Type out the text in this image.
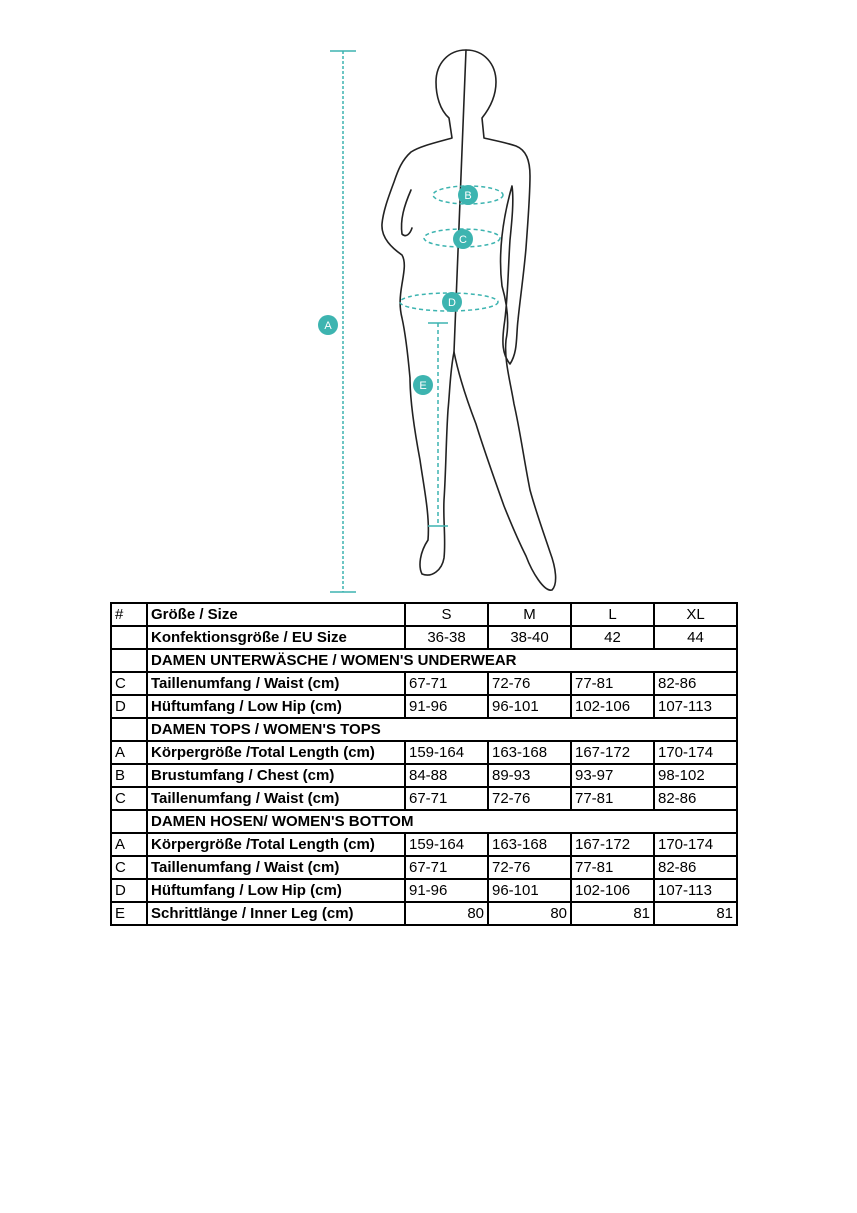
A
B
C
D
E
#	Größe / Size	S	M	L	XL
	Konfektionsgröße / EU Size	36-38	38-40	42	44
	DAMEN UNTERWÄSCHE / WOMEN'S UNDERWEAR				
C	Taillenumfang / Waist (cm)	67-71	72-76	77-81	82-86
D	Hüftumfang / Low Hip (cm)	91-96	96-101	102-106	107-113
	DAMEN TOPS / WOMEN'S TOPS				
A	Körpergröße /Total Length (cm)	159-164	163-168	167-172	170-174
B	Brustumfang / Chest (cm)	84-88	89-93	93-97	98-102
C	Taillenumfang / Waist (cm)	67-71	72-76	77-81	82-86
	DAMEN HOSEN/ WOMEN'S BOTTOM				
A	Körpergröße /Total Length (cm)	159-164	163-168	167-172	170-174
C	Taillenumfang / Waist (cm)	67-71	72-76	77-81	82-86
D	Hüftumfang / Low Hip (cm)	91-96	96-101	102-106	107-113
E	Schrittlänge / Inner Leg (cm)	80	80	81	81
